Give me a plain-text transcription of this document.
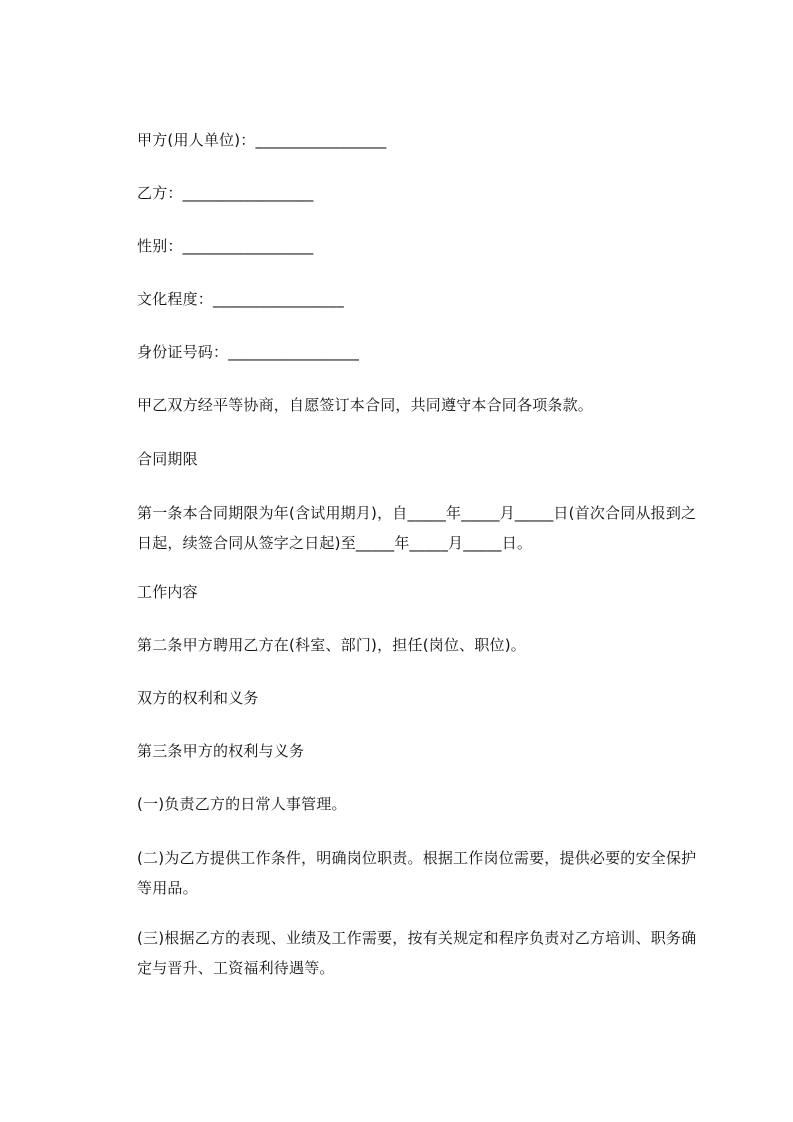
甲方(用人单位)：_________________
乙方：_________________
性别：_________________
文化程度：_________________
身份证号码：_________________
甲乙双方经平等协商，自愿签订本合同，共同遵守本合同各项条款。
合同期限
第一条本合同期限为年(含试用期月)，自_____年_____月_____日(首次合同从报到之日起，续签合同从签字之日起)至_____年_____月_____日。
工作内容
第二条甲方聘用乙方在(科室、部门)，担任(岗位、职位)。
双方的权利和义务
第三条甲方的权利与义务
(一)负责乙方的日常人事管理。
(二)为乙方提供工作条件，明确岗位职责。根据工作岗位需要，提供必要的安全保护等用品。
(三)根据乙方的表现、业绩及工作需要，按有关规定和程序负责对乙方培训、职务确定与晋升、工资福利待遇等。
